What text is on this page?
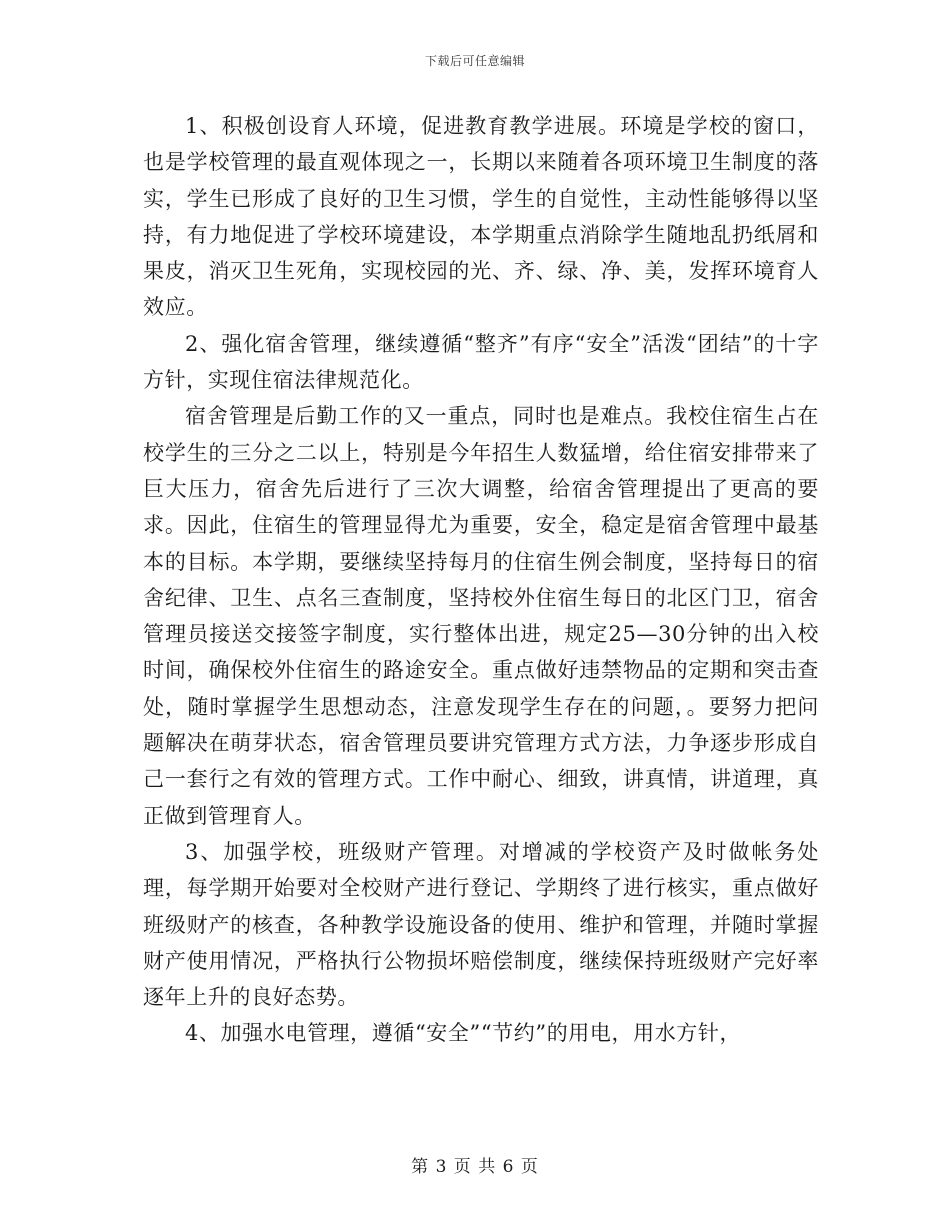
下载后可任意编辑

1、积极创设育人环境，促进教育教学进展。环境是学校的窗口，也是学校管理的最直观体现之一，长期以来随着各项环境卫生制度的落实，学生已形成了良好的卫生习惯，学生的自觉性，主动性能够得以坚持，有力地促进了学校环境建设，本学期重点消除学生随地乱扔纸屑和果皮，消灭卫生死角，实现校园的光、齐、绿、净、美，发挥环境育人效应。

2、强化宿舍管理，继续遵循“整齐”有序“安全”活泼“团结”的十字方针，实现住宿法律规范化。

宿舍管理是后勤工作的又一重点，同时也是难点。我校住宿生占在校学生的三分之二以上，特别是今年招生人数猛增，给住宿安排带来了巨大压力，宿舍先后进行了三次大调整，给宿舍管理提出了更高的要求。因此，住宿生的管理显得尤为重要，安全，稳定是宿舍管理中最基本的目标。本学期，要继续坚持每月的住宿生例会制度，坚持每日的宿舍纪律、卫生、点名三查制度，坚持校外住宿生每日的北区门卫，宿舍管理员接送交接签字制度，实行整体出进，规定25—30分钟的出入校时间，确保校外住宿生的路途安全。重点做好违禁物品的定期和突击查处，随时掌握学生思想动态，注意发现学生存在的问题，。要努力把问题解决在萌芽状态，宿舍管理员要讲究管理方式方法，力争逐步形成自己一套行之有效的管理方式。工作中耐心、细致，讲真情，讲道理，真正做到管理育人。

3、加强学校，班级财产管理。对增减的学校资产及时做帐务处理，每学期开始要对全校财产进行登记、学期终了进行核实，重点做好班级财产的核查，各种教学设施设备的使用、维护和管理，并随时掌握财产使用情况，严格执行公物损坏赔偿制度，继续保持班级财产完好率逐年上升的良好态势。

4、加强水电管理，遵循“安全”“节约”的用电，用水方针，

第 3 页 共 6 页
